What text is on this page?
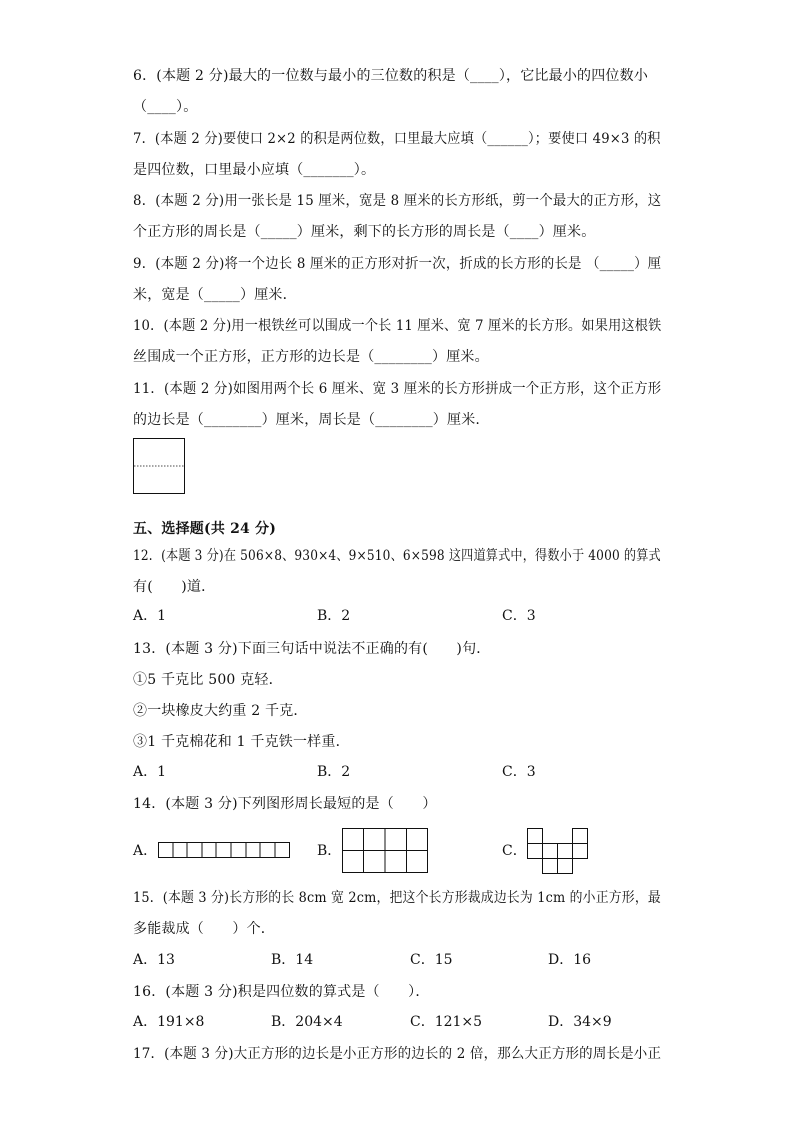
6．(本题 2 分)最大的一位数与最小的三位数的积是（____），它比最小的四位数小
（____）。
7．(本题 2 分)要使口 2×2 的积是两位数，口里最大应填（______）；要使口 49×3 的积
是四位数，口里最小应填（_______）。
8．(本题 2 分)用一张长是 15 厘米，宽是 8 厘米的长方形纸，剪一个最大的正方形，这
个正方形的周长是（_____）厘米，剩下的长方形的周长是（____）厘米。
9．(本题 2 分)将一个边长 8 厘米的正方形对折一次，折成的长方形的长是 （_____）厘
米，宽是（_____）厘米．
10．(本题 2 分)用一根铁丝可以围成一个长 11 厘米、宽 7 厘米的长方形。如果用这根铁
丝围成一个正方形，正方形的边长是（________）厘米。
11．(本题 2 分)如图用两个长 6 厘米、宽 3 厘米的长方形拼成一个正方形，这个正方形
的边长是（________）厘米，周长是（________）厘米.
五、选择题(共 24 分)
12．(本题 3 分)在 506×8、930×4、9×510、6×598 这四道算式中，得数小于 4000 的算式
有(　　)道．
A．1	B．2	C．3
13．(本题 3 分)下面三句话中说法不正确的有(　　)句．
①5 千克比 500 克轻．
②一块橡皮大约重 2 千克．
③1 千克棉花和 1 千克铁一样重．
A．1	B．2	C．3
14．(本题 3 分)下列图形周长最短的是（　　）
A．	B．	C．
15．(本题 3 分)长方形的长 8cm 宽 2cm，把这个长方形裁成边长为 1cm 的小正方形，最
多能裁成（　　）个．
A．13	B．14	C．15	D．16
16．(本题 3 分)积是四位数的算式是（　　）．
A．191×8	B．204×4	C．121×5	D．34×9
17．(本题 3 分)大正方形的边长是小正方形的边长的 2 倍，那么大正方形的周长是小正
